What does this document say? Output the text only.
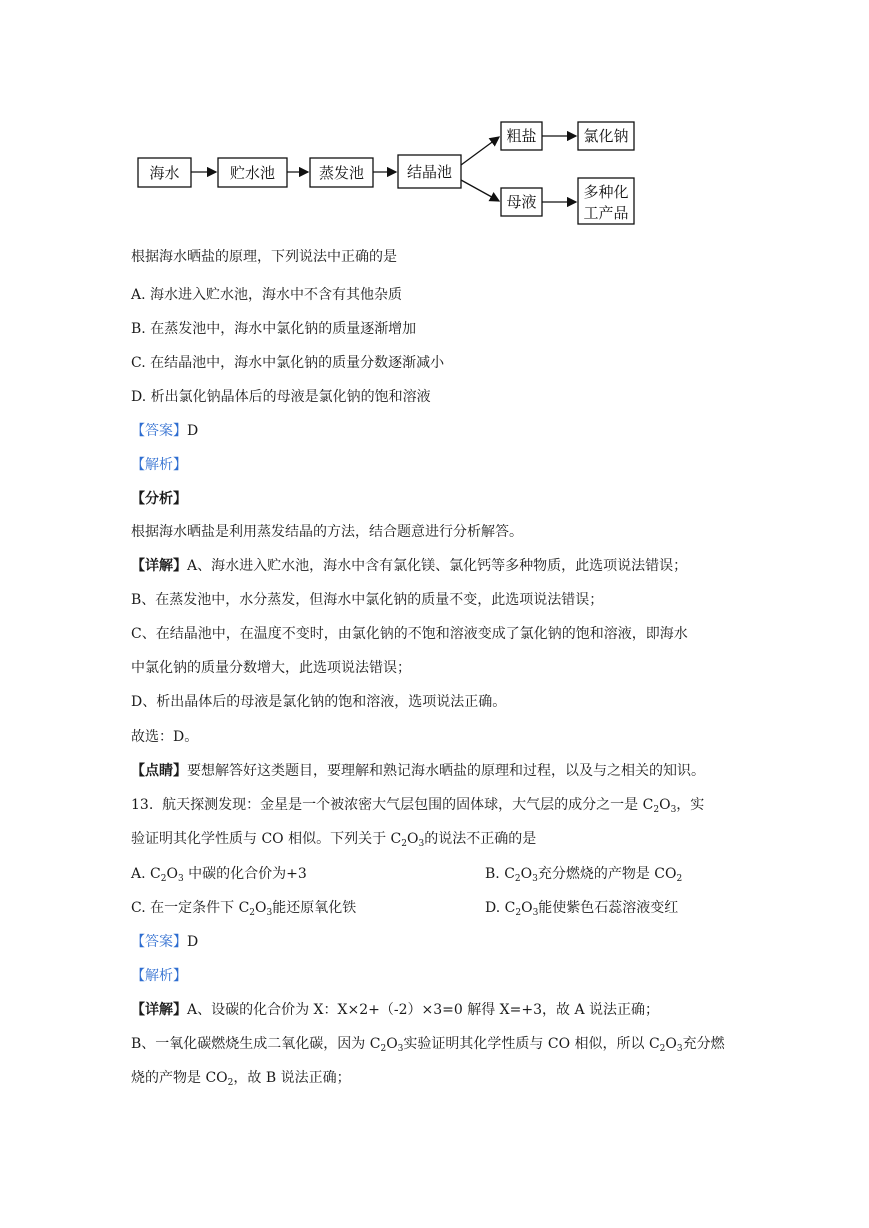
海水	贮水池	蒸发池	结晶池
粗盐	氯化钠
母液
多种化
工产品
根据海水晒盐的原理，下列说法中正确的是
A. 海水进入贮水池，海水中不含有其他杂质
B. 在蒸发池中，海水中氯化钠的质量逐渐增加
C. 在结晶池中，海水中氯化钠的质量分数逐渐减小
D. 析出氯化钠晶体后的母液是氯化钠的饱和溶液
【答案】D
【解析】
【分析】
根据海水晒盐是利用蒸发结晶的方法，结合题意进行分析解答。
【详解】A、海水进入贮水池，海水中含有氯化镁、氯化钙等多种物质，此选项说法错误；
B、在蒸发池中，水分蒸发，但海水中氯化钠的质量不变，此选项说法错误；
C、在结晶池中，在温度不变时，由氯化钠的不饱和溶液变成了氯化钠的饱和溶液，即海水
中氯化钠的质量分数增大，此选项说法错误；
D、析出晶体后的母液是氯化钠的饱和溶液，选项说法正确。
故选：D。
【点睛】要想解答好这类题目，要理解和熟记海水晒盐的原理和过程，以及与之相关的知识。
13. 航天探测发现：金星是一个被浓密大气层包围的固体球，大气层的成分之一是 $C_2O_3$，实
验证明其化学性质与 CO 相似。下列关于 $C_2O_3$的说法不正确的是
A. $C_2O_3$ 中碳的化合价为+3	B. $C_2O_3$充分燃烧的产物是 $CO_2$
C. 在一定条件下 $C_2O_3$能还原氧化铁	D. $C_2O_3$能使紫色石蕊溶液变红
【答案】D
【解析】
【详解】A、设碳的化合价为 X：X×2+（-2）×3=0 解得 X=+3，故 A 说法正确；
B、一氧化碳燃烧生成二氧化碳，因为 $C_2O_3$实验证明其化学性质与 CO 相似，所以 $C_2O_3$充分燃
烧的产物是 $CO_2$，故 B 说法正确；
